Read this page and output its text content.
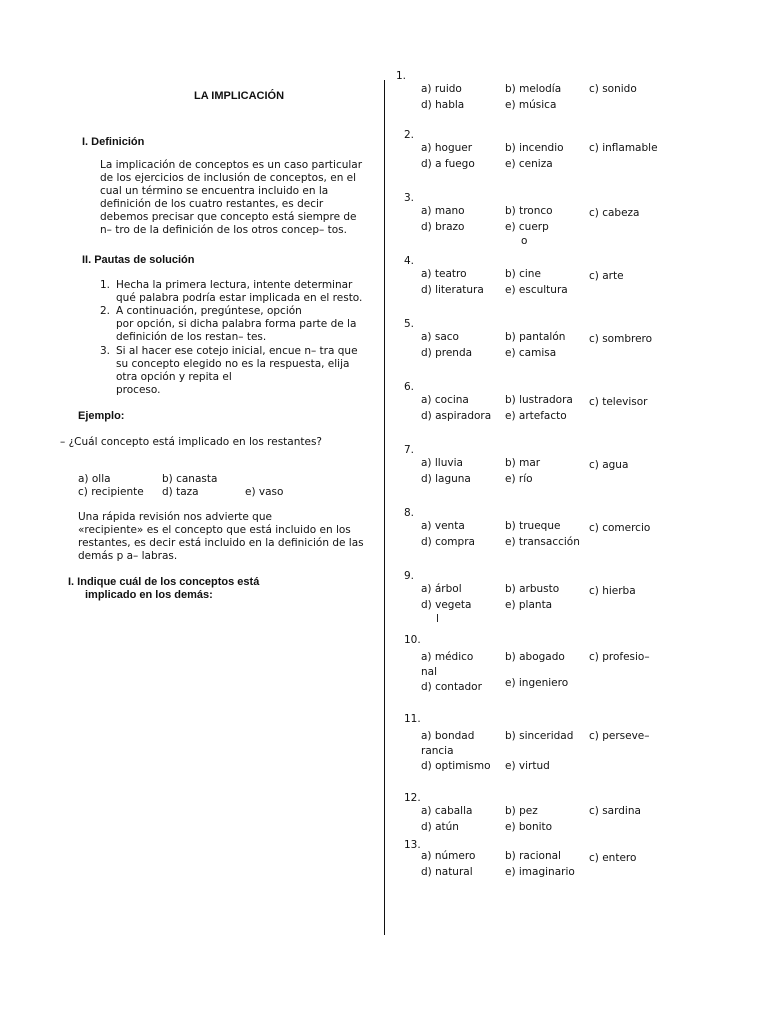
LA IMPLICACIÓN
I. Definición
La implicación de conceptos es un caso particular
de los ejercicios de inclusión de conceptos, en el
cual un término se encuentra incluido en la
definición de los cuatro restantes, es decir
debemos precisar que concepto está siempre de
n– tro de la definición de los otros concep– tos.
II. Pautas de solución
1. Hecha la primera lectura, intente determinar
qué palabra podría estar implicada en el resto.
2. A continuación, pregúntese, opción
por opción, si dicha palabra forma parte de la
definición de los restan– tes.
3. Si al hacer ese cotejo inicial, encue n– tra que
su concepto elegido no es la respuesta, elija
otra opción y repita el
proceso.
Ejemplo:
– ¿Cuál concepto está implicado en los restantes?
a) olla	b) canasta
c) recipiente d) taza	e) vaso
Una rápida revisión nos advierte que
«recipiente» es el concepto que está incluido en los
restantes, es decir está incluido en la definición de las
demás p a– labras.
I. Indique cuál de los conceptos está
implicado en los demás:
1.
a) ruido	b) melodía	c) sonido
d) habla	e) música
2.
a) hoguer	b) incendio c) inflamable
d) a fuego	e) ceniza
3.
a) mano	b) tronco	c) cabeza
d) brazo	e) cuerp
o
4.
a) teatro	b) cine	c) arte
d) literatura e) escultura
5.
a) saco	b) pantalón c) sombrero
d) prenda	e) camisa
6.
a) cocina	b) lustradora c) televisor
d) aspiradora e) artefacto
7.
a) lluvia	b) mar	c) agua
d) laguna	e) río
8.
a) venta	b) trueque	c) comercio
d) compra	e) transacción
9.
a) árbol	b) arbusto	c) hierba
d) vegeta	e) planta
l
10.
a) médico	b) abogado c) profesio–
d) contador e) ingeniero
nal
11.
a) bondad	b) sinceridad c) perseve–
d) optimismo e) virtud
rancia
12.
a) caballa	b) pez	c) sardina
d) atún	e) bonito
13.
a) número	b) racional	c) entero
d) natural	e) imaginario
